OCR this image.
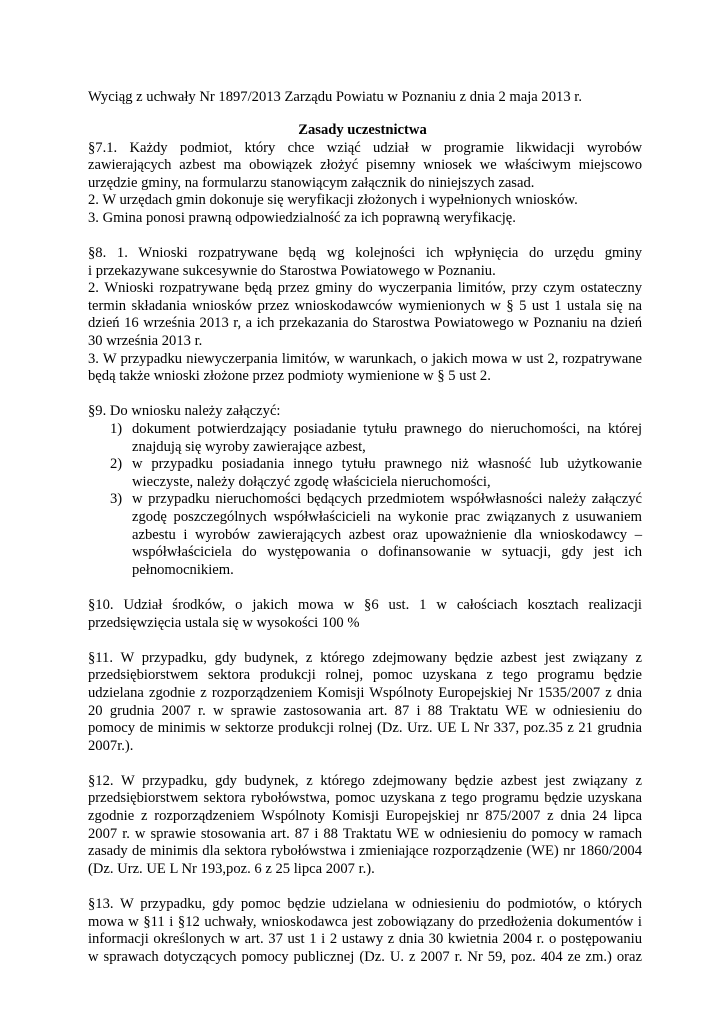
Wyciąg z uchwały Nr 1897/2013 Zarządu Powiatu w Poznaniu z dnia 2 maja 2013 r.
Zasady uczestnictwa
§7.1. Każdy podmiot, który chce wziąć udział w programie likwidacji wyrobów
zawierających azbest ma obowiązek złożyć pisemny wniosek we właściwym miejscowo
urzędzie gminy, na formularzu stanowiącym załącznik do niniejszych zasad.
2. W urzędach gmin dokonuje się weryfikacji złożonych i wypełnionych wniosków.
3. Gmina ponosi prawną odpowiedzialność za ich poprawną weryfikację.
§8. 1. Wnioski rozpatrywane będą wg kolejności ich wpłynięcia do urzędu gminy
i przekazywane sukcesywnie do Starostwa Powiatowego w Poznaniu.
2. Wnioski rozpatrywane będą przez gminy do wyczerpania limitów, przy czym ostateczny
termin składania wniosków przez wnioskodawców wymienionych w § 5 ust 1 ustala się na
dzień 16 września 2013 r, a ich przekazania do Starostwa Powiatowego w Poznaniu na dzień
30 września 2013 r.
3. W przypadku niewyczerpania limitów, w warunkach, o jakich mowa w ust 2, rozpatrywane
będą także wnioski złożone przez podmioty wymienione w § 5 ust 2.
§9. Do wniosku należy załączyć:
1) dokument potwierdzający posiadanie tytułu prawnego do nieruchomości, na której
znajdują się wyroby zawierające azbest,
2) w przypadku posiadania innego tytułu prawnego niż własność lub użytkowanie
wieczyste, należy dołączyć zgodę właściciela nieruchomości,
3) w przypadku nieruchomości będących przedmiotem współwłasności należy załączyć
zgodę poszczególnych współwłaścicieli na wykonie prac związanych z usuwaniem
azbestu i wyrobów zawierających azbest oraz upoważnienie dla wnioskodawcy –
współwłaściciela do występowania o dofinansowanie w sytuacji, gdy jest ich
pełnomocnikiem.
§10. Udział środków, o jakich mowa w §6 ust. 1 w całościach kosztach realizacji
przedsięwzięcia ustala się w wysokości 100 %
§11. W przypadku, gdy budynek, z którego zdejmowany będzie azbest jest związany z
przedsiębiorstwem sektora produkcji rolnej, pomoc uzyskana z tego programu będzie
udzielana zgodnie z rozporządzeniem Komisji Wspólnoty Europejskiej Nr 1535/2007 z dnia
20 grudnia 2007 r. w sprawie zastosowania art. 87 i 88 Traktatu WE w odniesieniu do
pomocy de minimis w sektorze produkcji rolnej (Dz. Urz. UE L Nr 337, poz.35 z 21 grudnia
2007r.).
§12. W przypadku, gdy budynek, z którego zdejmowany będzie azbest jest związany z
przedsiębiorstwem sektora rybołówstwa, pomoc uzyskana z tego programu będzie uzyskana
zgodnie z rozporządzeniem Wspólnoty Komisji Europejskiej nr 875/2007 z dnia 24 lipca
2007 r. w sprawie stosowania art. 87 i 88 Traktatu WE w odniesieniu do pomocy w ramach
zasady de minimis dla sektora rybołówstwa i zmieniające rozporządzenie (WE) nr 1860/2004
(Dz. Urz. UE L Nr 193,poz. 6 z 25 lipca 2007 r.).
§13. W przypadku, gdy pomoc będzie udzielana w odniesieniu do podmiotów, o których
mowa w §11 i §12 uchwały, wnioskodawca jest zobowiązany do przedłożenia dokumentów i
informacji określonych w art. 37 ust 1 i 2 ustawy z dnia 30 kwietnia 2004 r. o postępowaniu
w sprawach dotyczących pomocy publicznej (Dz. U. z 2007 r. Nr 59, poz. 404 ze zm.) oraz
